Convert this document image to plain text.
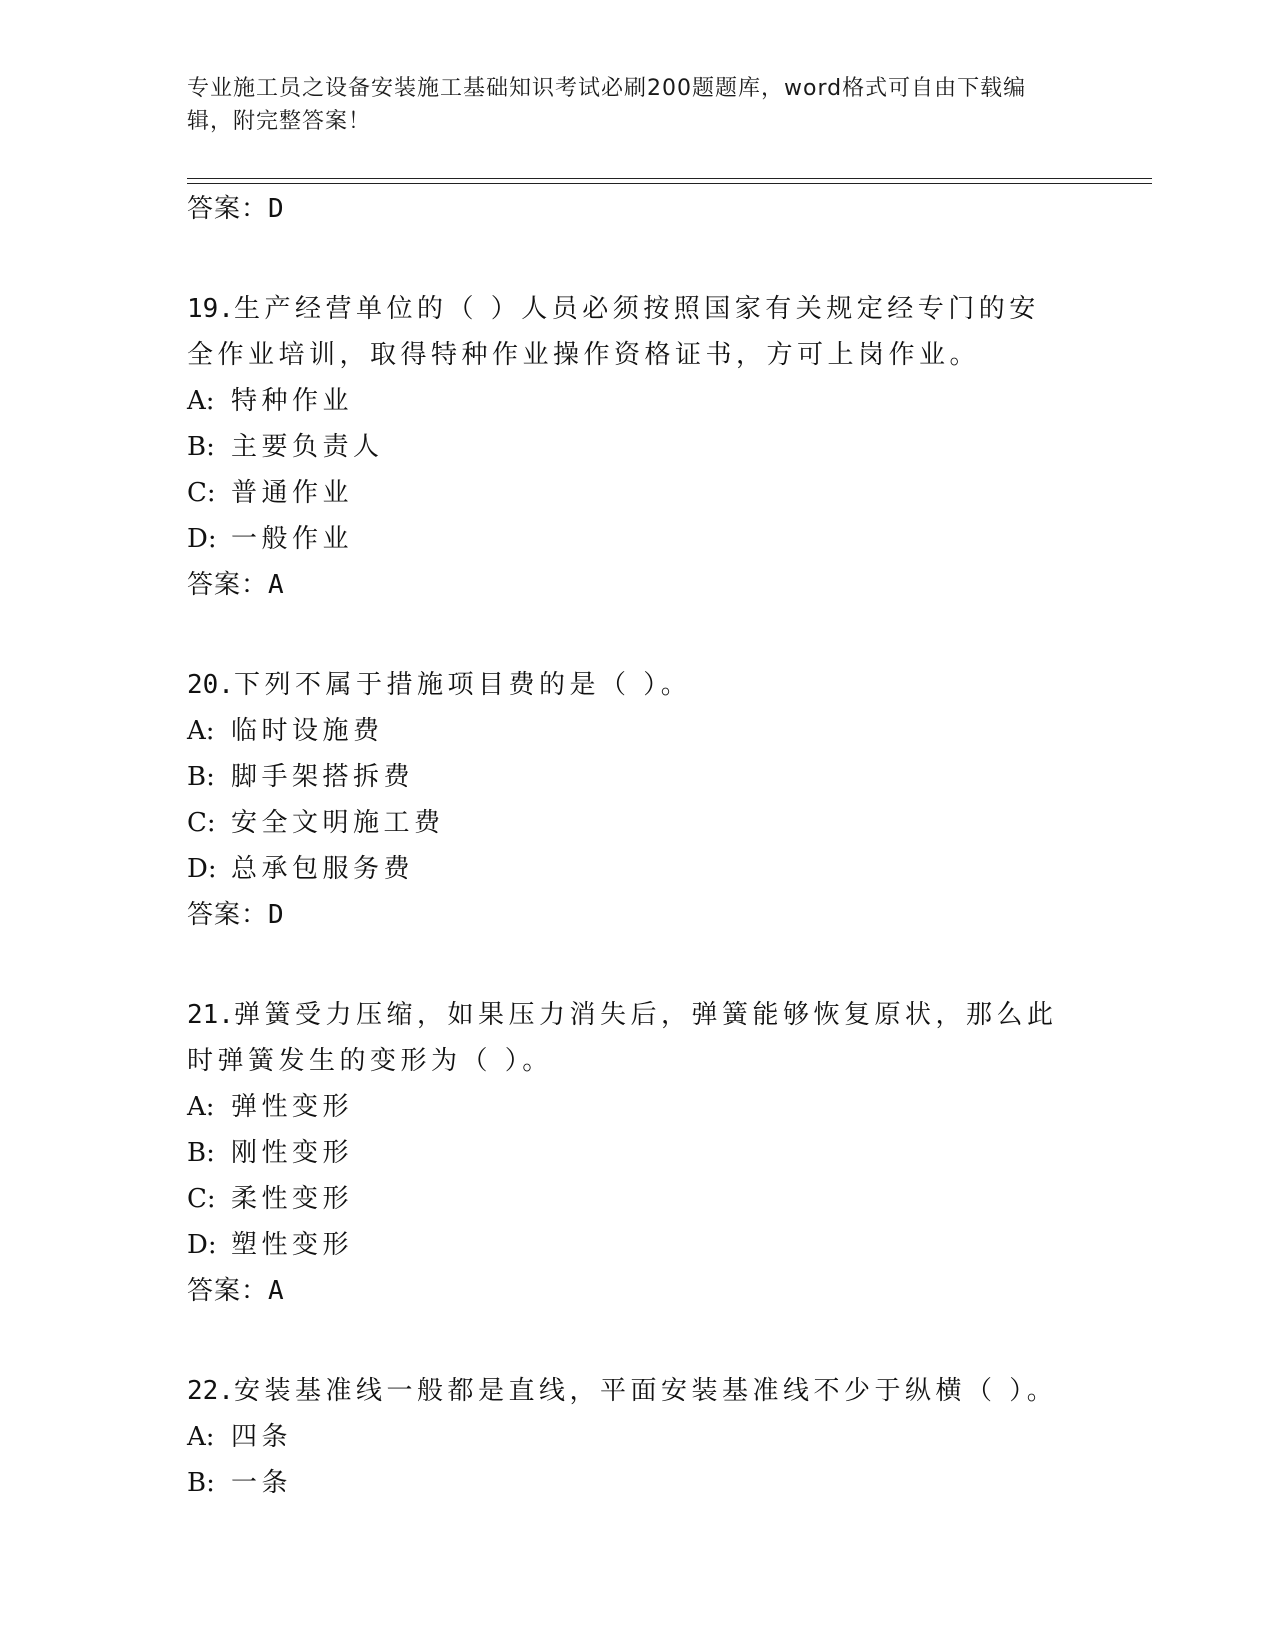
专业施工员之设备安装施工基础知识考试必刷200题题库，word格式可自由下载编辑，附完整答案！
答案：D
19.生产经营单位的（ ）人员必须按照国家有关规定经专门的安全作业培训，取得特种作业操作资格证书，方可上岗作业。
A: 特种作业
B: 主要负责人
C: 普通作业
D: 一般作业
答案：A
20.下列不属于措施项目费的是（ ）。
A: 临时设施费
B: 脚手架搭拆费
C: 安全文明施工费
D: 总承包服务费
答案：D
21.弹簧受力压缩，如果压力消失后，弹簧能够恢复原状，那么此时弹簧发生的变形为（ ）。
A: 弹性变形
B: 刚性变形
C: 柔性变形
D: 塑性变形
答案：A
22.安装基准线一般都是直线，平面安装基准线不少于纵横（ ）。
A: 四条
B: 一条
